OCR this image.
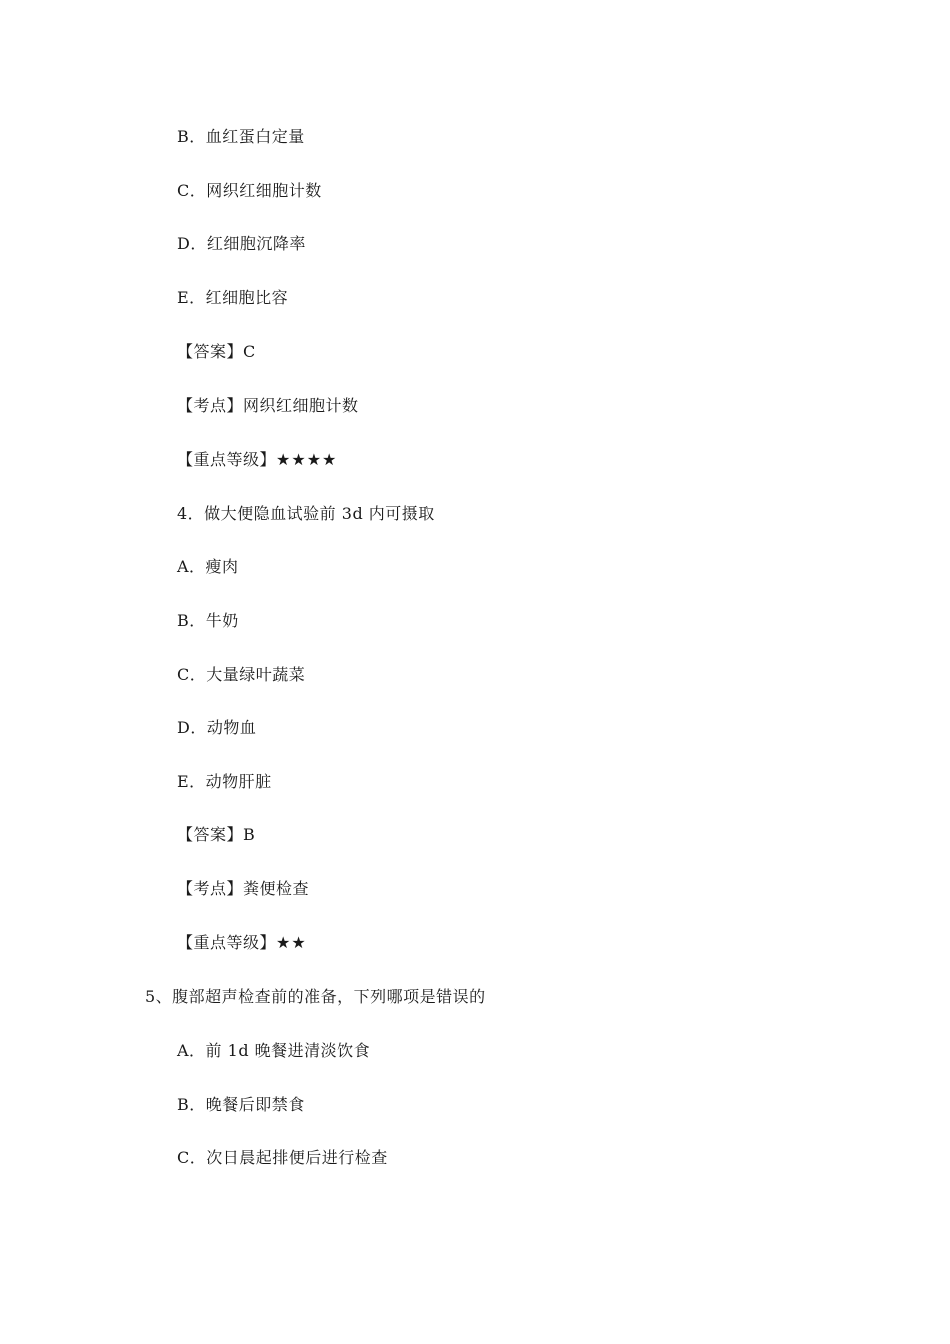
B．血红蛋白定量
C．网织红细胞计数
D．红细胞沉降率
E．红细胞比容
【答案】C
【考点】网织红细胞计数
【重点等级】★★★★
4．做大便隐血试验前 3d 内可摄取
A．瘦肉
B．牛奶
C．大量绿叶蔬菜
D．动物血
E．动物肝脏
【答案】B
【考点】粪便检查
【重点等级】★★
5、腹部超声检查前的准备，下列哪项是错误的
A．前 1d 晚餐进清淡饮食
B．晚餐后即禁食
C．次日晨起排便后进行检查
